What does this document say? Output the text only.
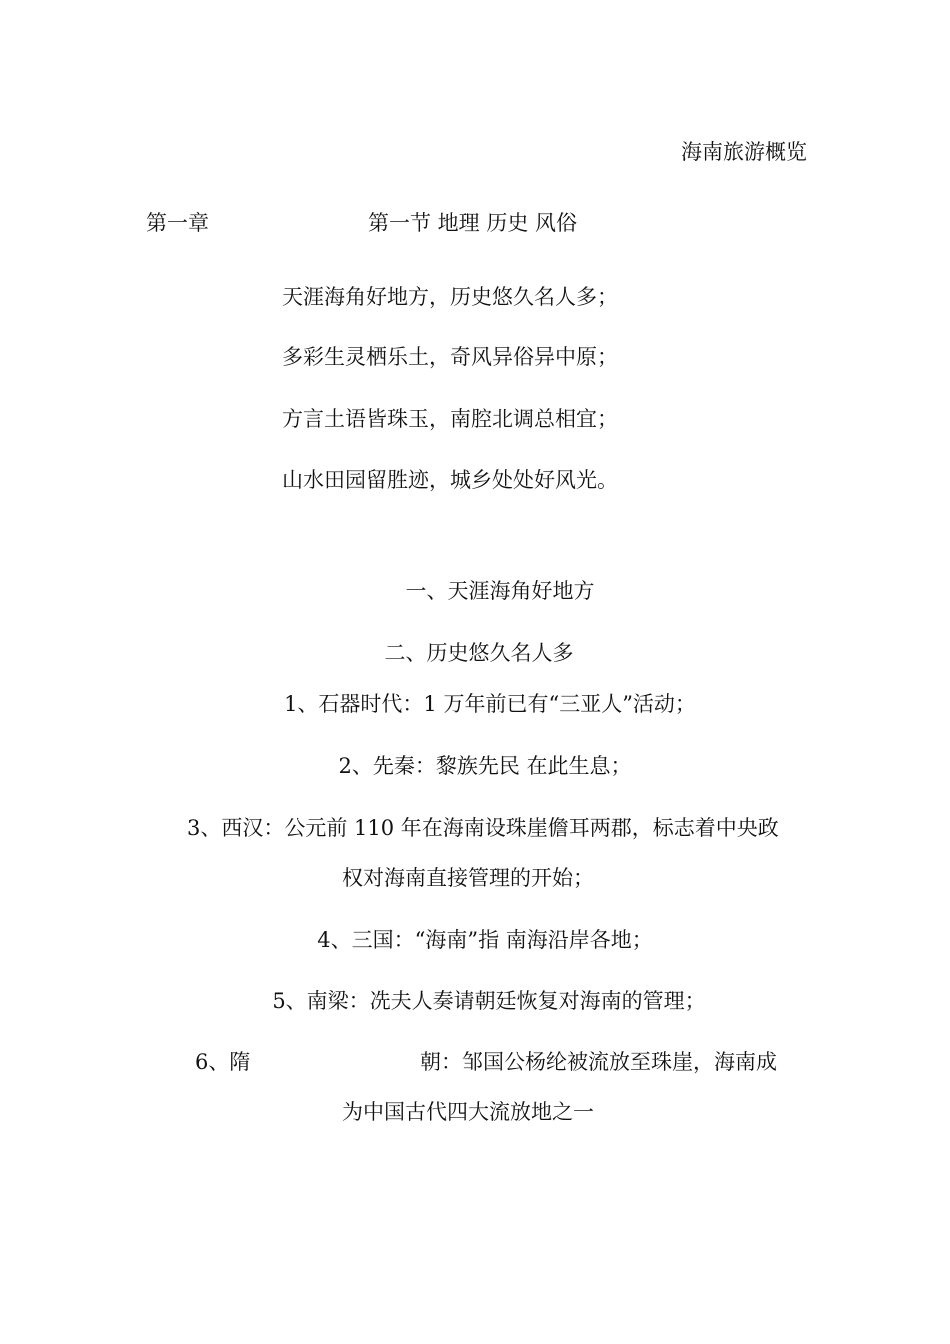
海南旅游概览
第一章	第一节 地理 历史 风俗
天涯海角好地方，历史悠久名人多；
多彩生灵栖乐土，奇风异俗异中原；
方言土语皆珠玉，南腔北调总相宜；
山水田园留胜迹，城乡处处好风光。
一、天涯海角好地方
二、历史悠久名人多
1、石器时代：1 万年前已有“三亚人”活动；
2、先秦：黎族先民 在此生息；
3、西汉：公元前 110 年在海南设珠崖儋耳两郡，标志着中央政
权对海南直接管理的开始；
4、三国：“海南”指 南海沿岸各地；
5、南梁：冼夫人奏请朝廷恢复对海南的管理；
6、隋	朝：邹国公杨纶被流放至珠崖，海南成
为中国古代四大流放地之一
